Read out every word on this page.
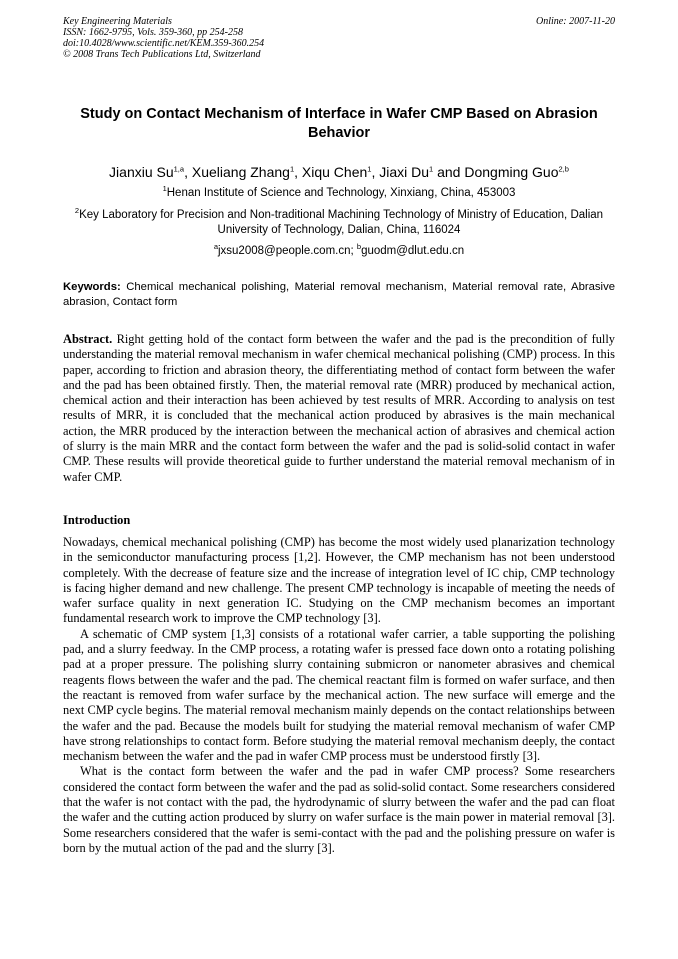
Key Engineering Materials
ISSN: 1662-9795, Vols. 359-360, pp 254-258
doi:10.4028/www.scientific.net/KEM.359-360.254
© 2008 Trans Tech Publications Ltd, Switzerland
Online: 2007-11-20
Study on Contact Mechanism of Interface in Wafer CMP Based on Abrasion Behavior
Jianxiu Su$^{1,a}$, Xueliang Zhang$^1$, Xiqu Chen$^1$, Jiaxi Du$^1$ and Dongming Guo$^{2,b}$
$^1$Henan Institute of Science and Technology, Xinxiang, China, 453003
$^2$Key Laboratory for Precision and Non-traditional Machining Technology of Ministry of Education, Dalian University of Technology, Dalian, China, 116024
$^a$jxsu2008@people.com.cn; $^b$guodm@dlut.edu.cn
Keywords: Chemical mechanical polishing, Material removal mechanism, Material removal rate, Abrasive abrasion, Contact form
Abstract. Right getting hold of the contact form between the wafer and the pad is the precondition of fully understanding the material removal mechanism in wafer chemical mechanical polishing (CMP) process. In this paper, according to friction and abrasion theory, the differentiating method of contact form between the wafer and the pad has been obtained firstly. Then, the material removal rate (MRR) produced by mechanical action, chemical action and their interaction has been achieved by test results of MRR. According to analysis on test results of MRR, it is concluded that the mechanical action produced by abrasives is the main mechanical action, the MRR produced by the interaction between the mechanical action of abrasives and chemical action of slurry is the main MRR and the contact form between the wafer and the pad is solid-solid contact in wafer CMP. These results will provide theoretical guide to further understand the material removal mechanism of in wafer CMP.
Introduction

Nowadays, chemical mechanical polishing (CMP) has become the most widely used planarization technology in the semiconductor manufacturing process [1,2]. However, the CMP mechanism has not been understood completely. With the decrease of feature size and the increase of integration level of IC chip, CMP technology is facing higher demand and new challenge. The present CMP technology is incapable of meeting the needs of wafer surface quality in next generation IC. Studying on the CMP mechanism becomes an important fundamental research work to improve the CMP technology [3].

A schematic of CMP system [1,3] consists of a rotational wafer carrier, a table supporting the polishing pad, and a slurry feedway. In the CMP process, a rotating wafer is pressed face down onto a rotating polishing pad at a proper pressure. The polishing slurry containing submicron or nanometer abrasives and chemical reagents flows between the wafer and the pad. The chemical reactant film is formed on wafer surface, and then the reactant is removed from wafer surface by the mechanical action. The new surface will emerge and the next CMP cycle begins. The material removal mechanism mainly depends on the contact relationships between the wafer and the pad. Because the models built for studying the material removal mechanism of wafer CMP have strong relationships to contact form. Before studying the material removal mechanism deeply, the contact mechanism between the wafer and the pad in wafer CMP process must be understood firstly [3].

What is the contact form between the wafer and the pad in wafer CMP process? Some researchers considered the contact form between the wafer and the pad as solid-solid contact. Some researchers considered that the wafer is not contact with the pad, the hydrodynamic of slurry between the wafer and the pad can float the wafer and the cutting action produced by slurry on wafer surface is the main power in material removal [3]. Some researchers considered that the wafer is semi-contact with the pad and the polishing pressure on wafer is born by the mutual action of the pad and the slurry [3].
